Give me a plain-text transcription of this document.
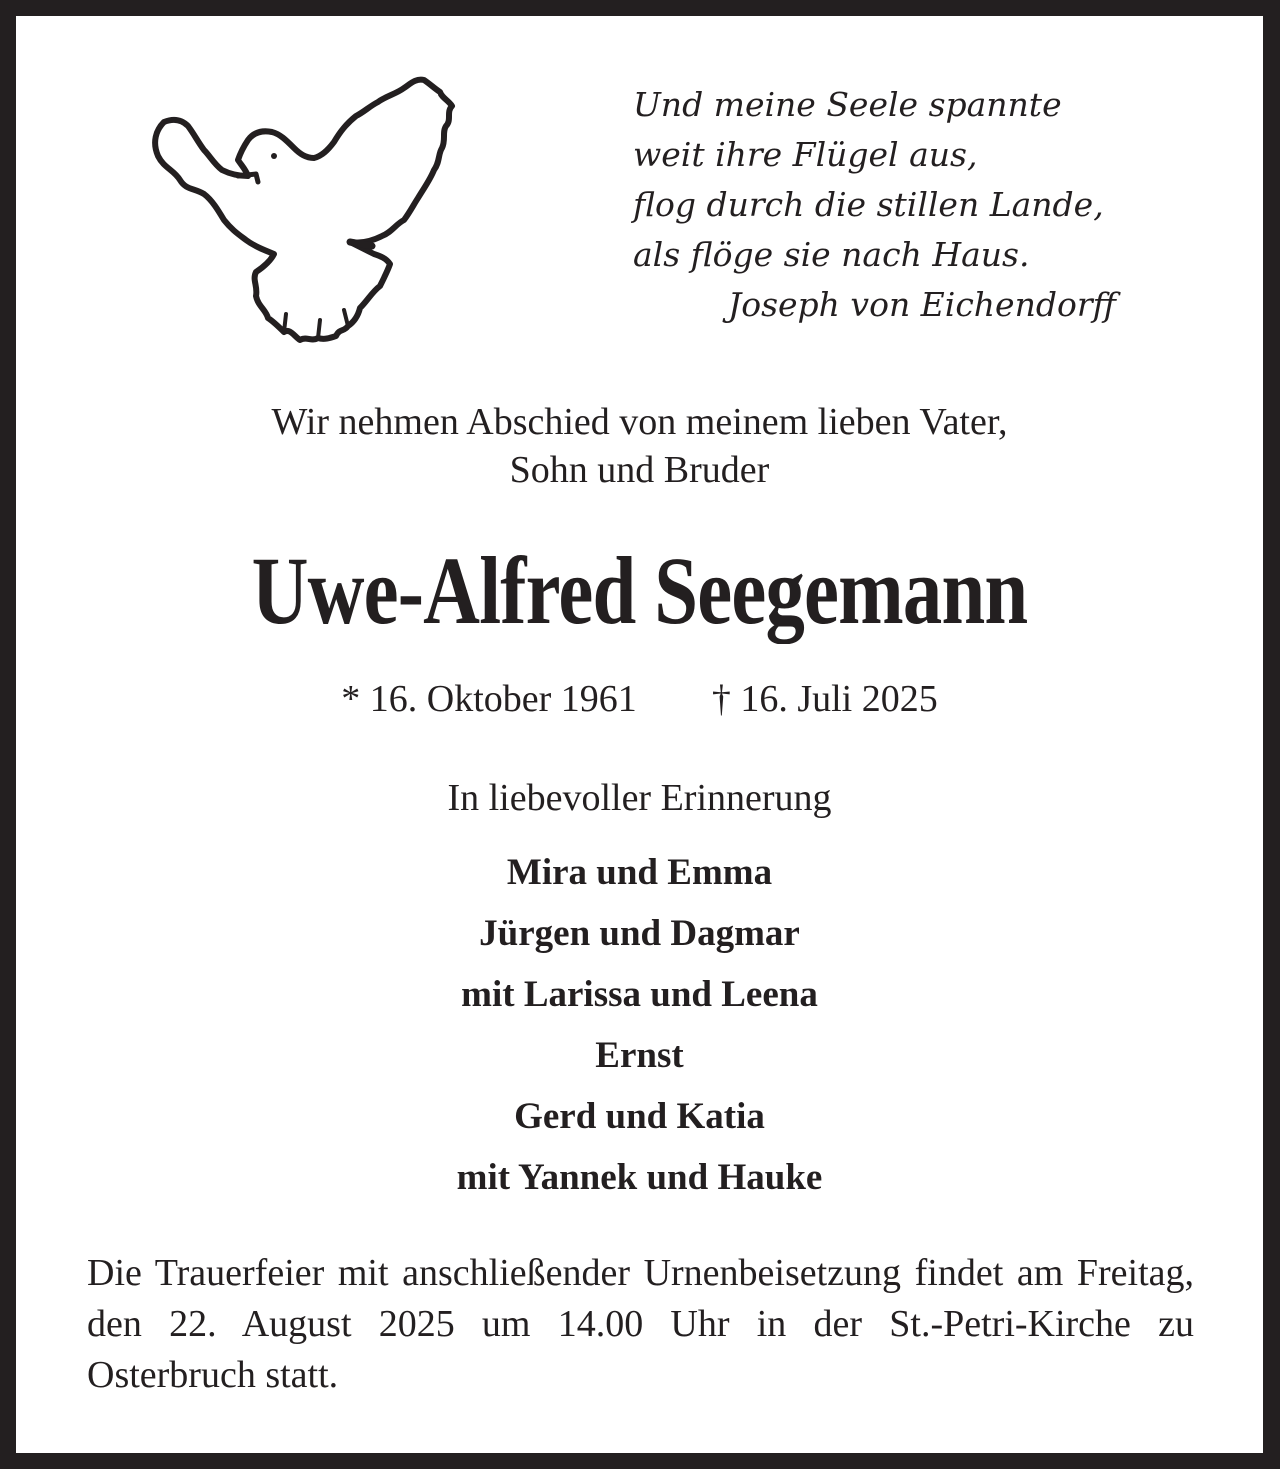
Und meine Seele spannte
weit ihre Flügel aus,
flog durch die stillen Lande,
als flöge sie nach Haus.
Joseph von Eichendorff
Wir nehmen Abschied von meinem lieben Vater,
Sohn und Bruder
Uwe-Alfred Seegemann
* 16. Oktober 1961 † 16. Juli 2025
In liebevoller Erinnerung
Mira und Emma
Jürgen und Dagmar
mit Larissa und Leena
Ernst
Gerd und Katia
mit Yannek und Hauke
Die Trauerfeier mit anschließender Urnenbeisetzung findet am Freitag, den 22. August 2025 um 14.00 Uhr in der St.-Petri-Kirche zu Osterbruch statt.
